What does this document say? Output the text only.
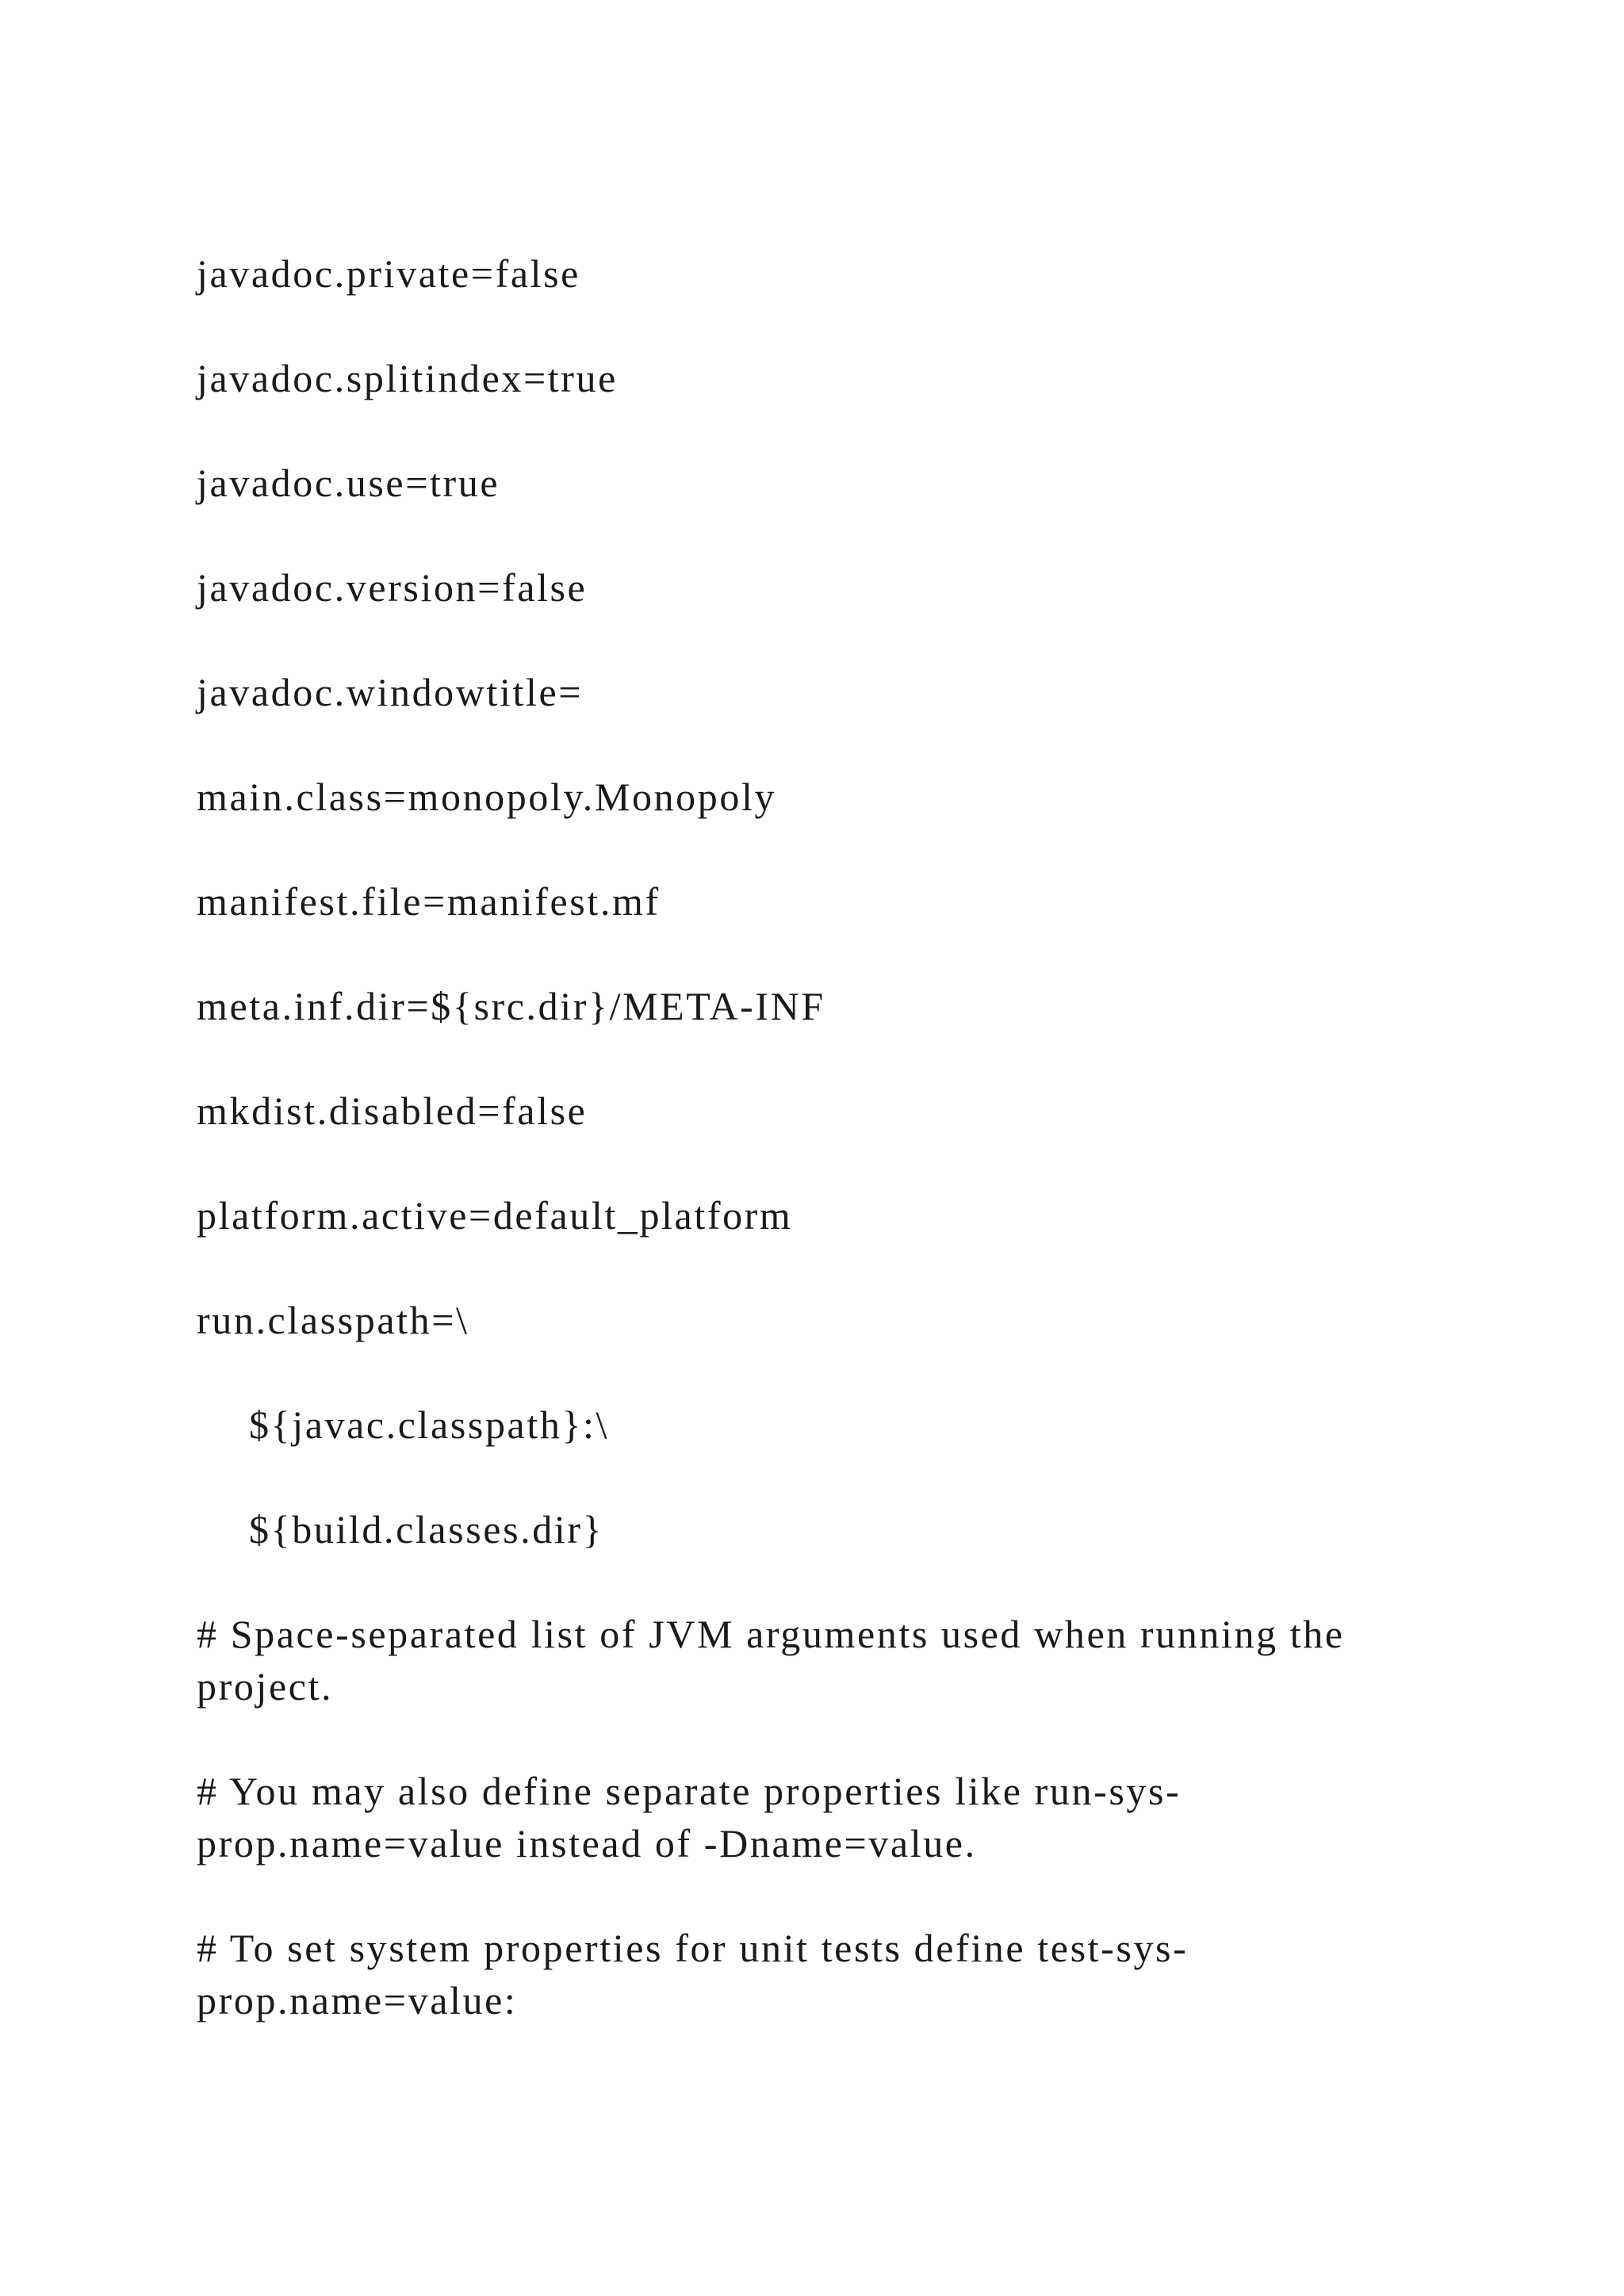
javadoc.private=false
javadoc.splitindex=true
javadoc.use=true
javadoc.version=false
javadoc.windowtitle=
main.class=monopoly.Monopoly
manifest.file=manifest.mf
meta.inf.dir=${src.dir}/META-INF
mkdist.disabled=false
platform.active=default_platform
run.classpath=\
${javac.classpath}:\
${build.classes.dir}
# Space-separated list of JVM arguments used when running the
project.
# You may also define separate properties like run-sys-
prop.name=value instead of -Dname=value.
# To set system properties for unit tests define test-sys-
prop.name=value:
